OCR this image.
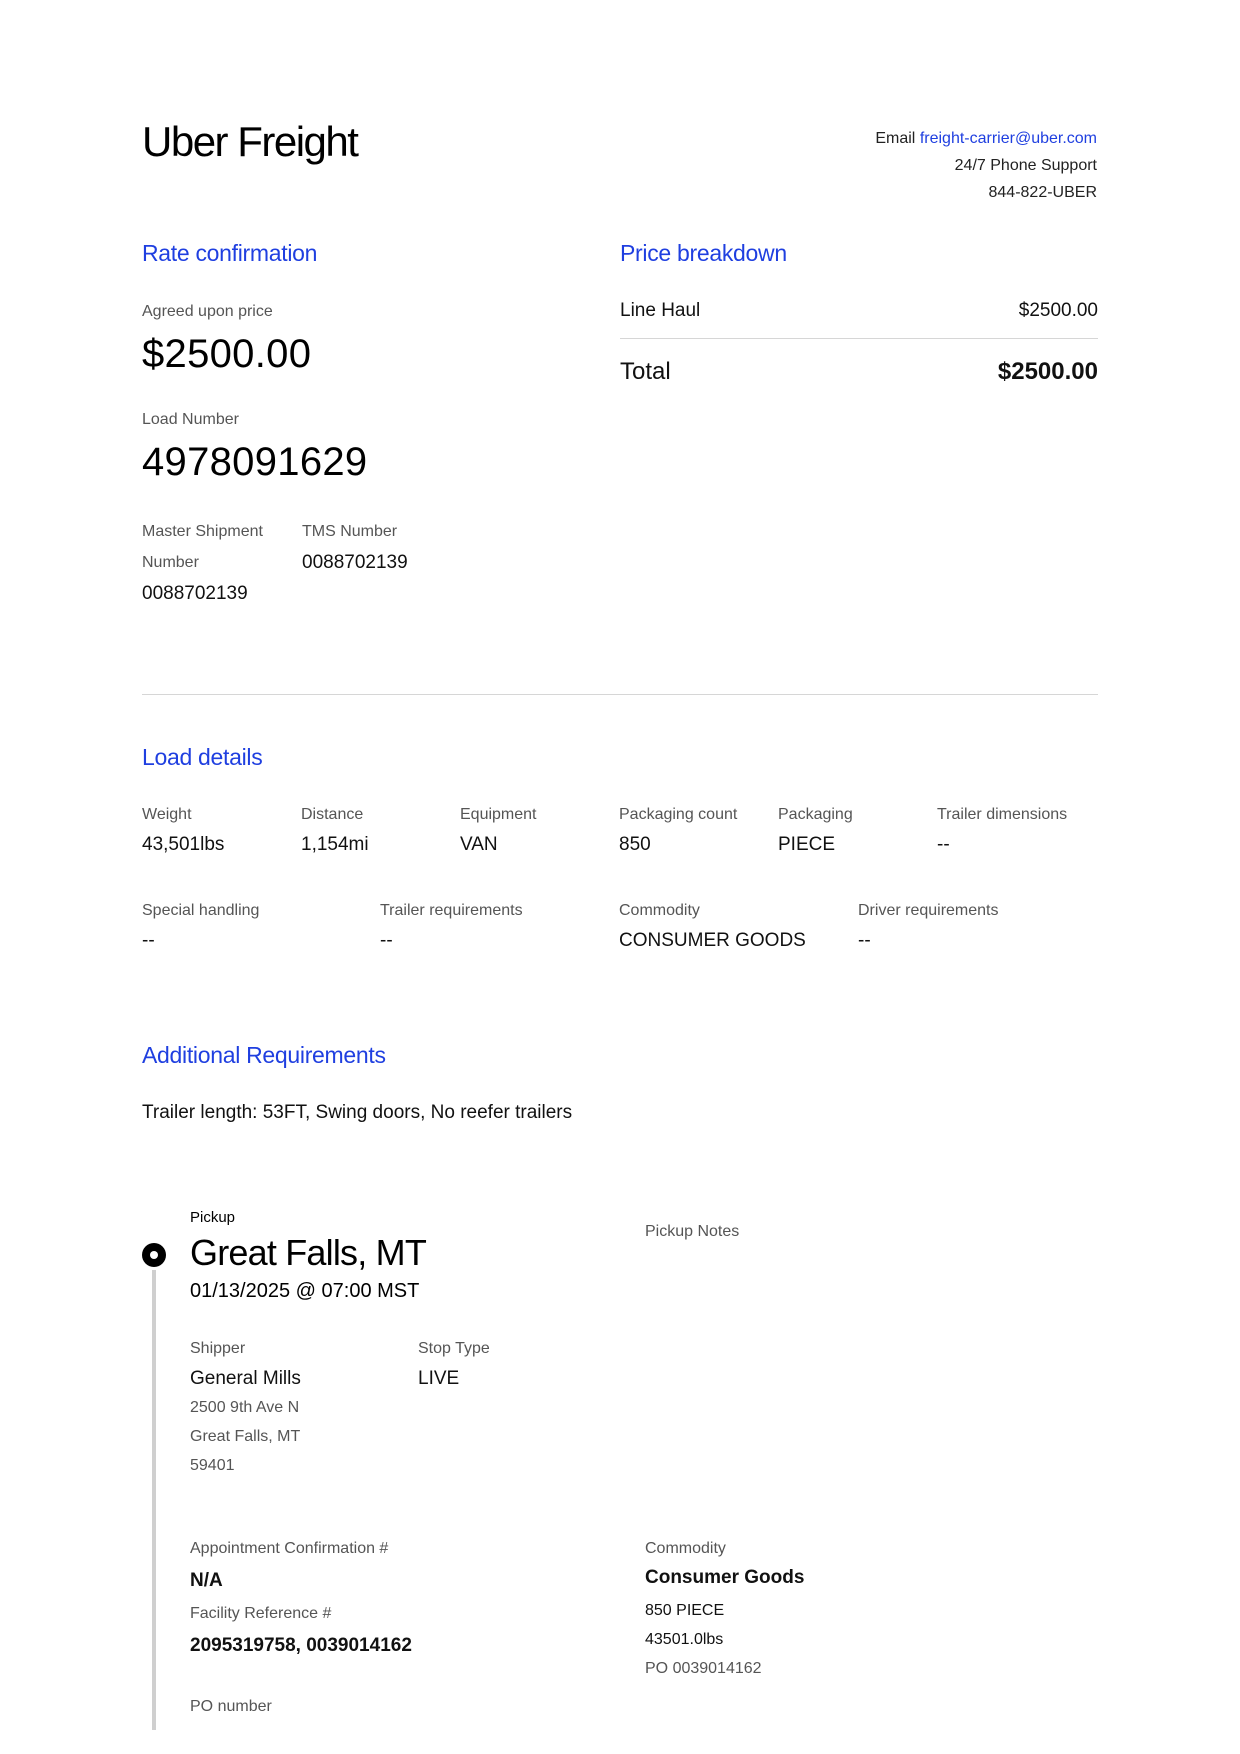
Uber Freight	Email freight-carrier@uber.com
24/7 Phone Support
844-822-UBER
Rate confirmation
Agreed upon price
$2500.00
Load Number
4978091629
Master Shipment
Number
0088702139
TMS Number
0088702139
Price breakdown
Line Haul	$2500.00
Total	$2500.00
Load details
Weight
43,501lbs
Distance
1,154mi
Equipment
VAN
Packaging count
850
Packaging
PIECE
Trailer dimensions
--
Special handling
--
Trailer requirements
--
Commodity
CONSUMER GOODS
Driver requirements
--
Additional Requirements
Trailer length: 53FT, Swing doors, No reefer trailers
Pickup
Great Falls, MT
01/13/2025 @ 07:00 MST
Pickup Notes
Shipper
General Mills
2500 9th Ave N
Great Falls, MT
59401
Stop Type
LIVE
Appointment Confirmation #
N/A
Facility Reference #
2095319758, 0039014162
PO number
Commodity
Consumer Goods
850 PIECE
43501.0lbs
PO 0039014162
